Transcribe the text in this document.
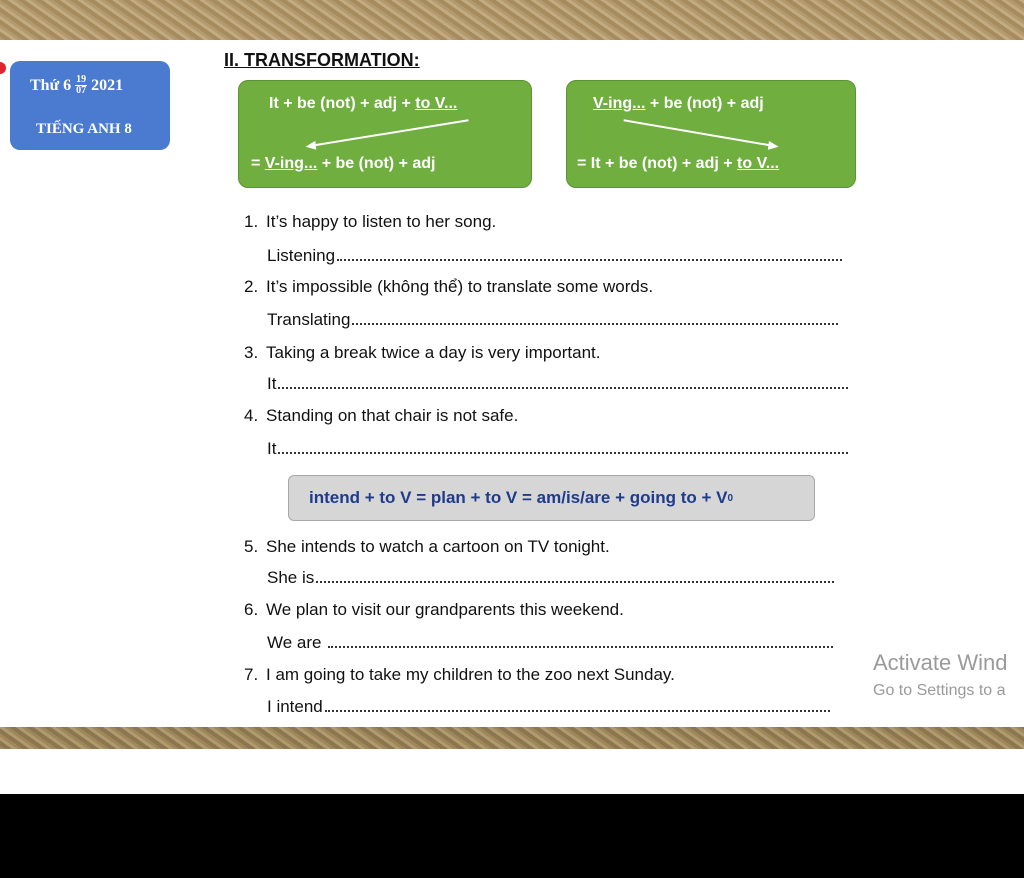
Thứ $6 \frac{19}{07} 2021$
TIẾNG ANH 8
II. TRANSFORMATION:
It + be (not) + adj + to V...
= V-ing... + be (not) + adj
V-ing... + be (not) + adj
= It + be (not) + adj + to V...
1. It’s happy to listen to her song.
Listening
2. It’s impossible (không thể) to translate some words.
Translating
3. Taking a break twice a day is very important.
It
4. Standing on that chair is not safe.
It
intend + to V = plan + to V = am/is/are + going to + V 0
5. She intends to watch a cartoon on TV tonight.
She is
6. We plan to visit our grandparents this weekend.
We are
7. I am going to take my children to the zoo next Sunday.
I intend
Activate Wind
Go to Settings to a
